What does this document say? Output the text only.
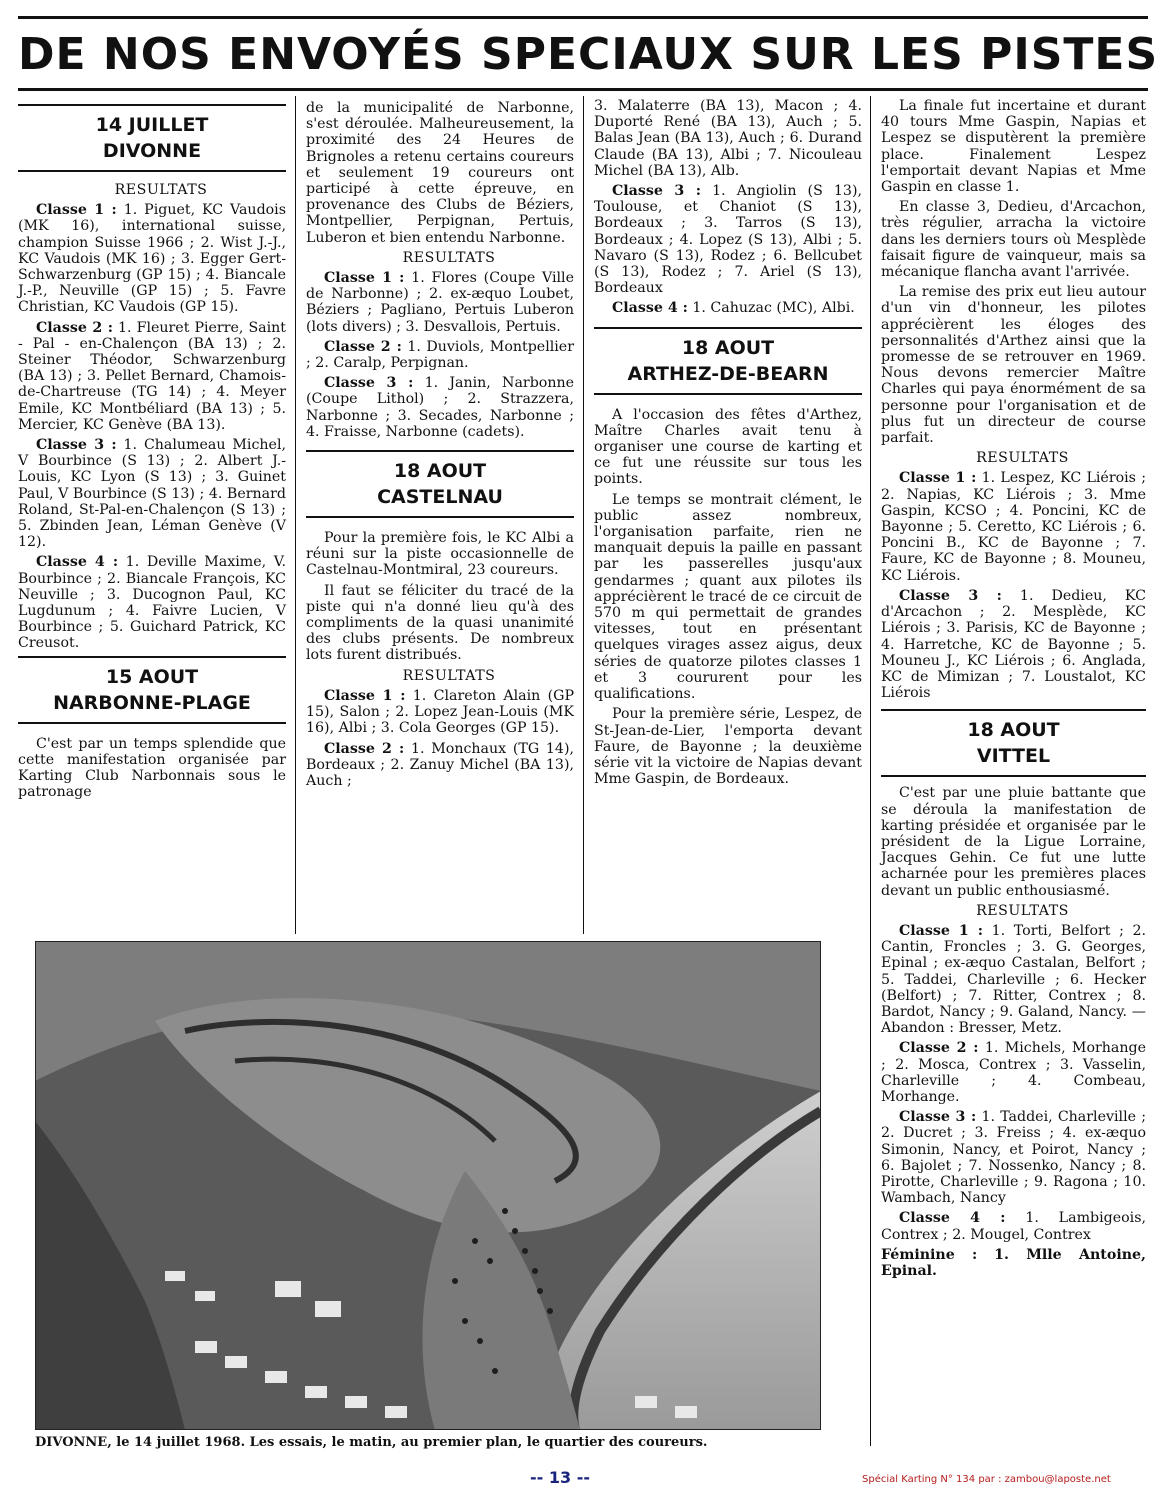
DE NOS ENVOYÉS SPECIAUX SUR LES PISTES
14 JUILLET
DIVONNE

RESULTATS

Classe 1 : 1. Piguet, KC Vaudois (MK 16), international suisse, champion Suisse 1966 ; 2. Wist J.-J., KC Vaudois (MK 16) ; 3. Egger Gert-Schwarzenburg (GP 15) ; 4. Biancale J.-P., Neuville (GP 15) ; 5. Favre Christian, KC Vaudois (GP 15).

Classe 2 : 1. Fleuret Pierre, Saint - Pal - en-Chalençon (BA 13) ; 2. Steiner Théodor, Schwarzenburg (BA 13) ; 3. Pellet Bernard, Chamois-de-Chartreuse (TG 14) ; 4. Meyer Emile, KC Montbéliard (BA 13) ; 5. Mercier, KC Genève (BA 13).

Classe 3 : 1. Chalumeau Michel, V Bourbince (S 13) ; 2. Albert J.-Louis, KC Lyon (S 13) ; 3. Guinet Paul, V Bourbince (S 13) ; 4. Bernard Roland, St-Pal-en-Chalençon (S 13) ; 5. Zbinden Jean, Léman Genève (V 12).

Classe 4 : 1. Deville Maxime, V. Bourbince ; 2. Biancale François, KC Neuville ; 3. Ducognon Paul, KC Lugdunum ; 4. Faivre Lucien, V Bourbince ; 5. Guichard Patrick, KC Creusot.

15 AOUT
NARBONNE-PLAGE

C'est par un temps splendide que cette manifestation organisée par Karting Club Narbonnais sous le patronage

de la municipalité de Narbonne, s'est déroulée. Malheureusement, la proximité des 24 Heures de Brignoles a retenu certains coureurs et seulement 19 coureurs ont participé à cette épreuve, en provenance des Clubs de Béziers, Montpellier, Perpignan, Pertuis, Luberon et bien entendu Narbonne.

RESULTATS

Classe 1 : 1. Flores (Coupe Ville de Narbonne) ; 2. ex-æquo Loubet, Béziers ; Pagliano, Pertuis Luberon (lots divers) ; 3. Desvallois, Pertuis.

Classe 2 : 1. Duviols, Montpellier ; 2. Caralp, Perpignan.

Classe 3 : 1. Janin, Narbonne (Coupe Lithol) ; 2. Strazzera, Narbonne ; 3. Secades, Narbonne ; 4. Fraisse, Narbonne (cadets).

18 AOUT
CASTELNAU

Pour la première fois, le KC Albi a réuni sur la piste occasionnelle de Castelnau-Montmiral, 23 coureurs.

Il faut se féliciter du tracé de la piste qui n'a donné lieu qu'à des compliments de la quasi unanimité des clubs présents. De nombreux lots furent distribués.

RESULTATS

Classe 1 : 1. Clareton Alain (GP 15), Salon ; 2. Lopez Jean-Louis (MK 16), Albi ; 3. Cola Georges (GP 15).

Classe 2 : 1. Monchaux (TG 14), Bordeaux ; 2. Zanuy Michel (BA 13), Auch ;

3. Malaterre (BA 13), Macon ; 4. Duporté René (BA 13), Auch ; 5. Balas Jean (BA 13), Auch ; 6. Durand Claude (BA 13), Albi ; 7. Nicouleau Michel (BA 13), Alb.

Classe 3 : 1. Angiolin (S 13), Toulouse, et Chaniot (S 13), Bordeaux ; 3. Tarros (S 13), Bordeaux ; 4. Lopez (S 13), Albi ; 5. Navaro (S 13), Rodez ; 6. Bellcubet (S 13), Rodez ; 7. Ariel (S 13), Bordeaux

Classe 4 : 1. Cahuzac (MC), Albi.

18 AOUT
ARTHEZ-DE-BEARN

A l'occasion des fêtes d'Arthez, Maître Charles avait tenu à organiser une course de karting et ce fut une réussite sur tous les points.

Le temps se montrait clément, le public assez nombreux, l'organisation parfaite, rien ne manquait depuis la paille en passant par les passerelles jusqu'aux gendarmes ; quant aux pilotes ils apprécièrent le tracé de ce circuit de 570 m qui permettait de grandes vitesses, tout en présentant quelques virages assez aigus, deux séries de quatorze pilotes classes 1 et 3 coururent pour les qualifications.

Pour la première série, Lespez, de St-Jean-de-Lier, l'emporta devant Faure, de Bayonne ; la deuxième série vit la victoire de Napias devant Mme Gaspin, de Bordeaux.

La finale fut incertaine et durant 40 tours Mme Gaspin, Napias et Lespez se disputèrent la première place. Finalement Lespez l'emportait devant Napias et Mme Gaspin en classe 1.

En classe 3, Dedieu, d'Arcachon, très régulier, arracha la victoire dans les derniers tours où Mesplède faisait figure de vainqueur, mais sa mécanique flancha avant l'arrivée.

La remise des prix eut lieu autour d'un vin d'honneur, les pilotes apprécièrent les éloges des personnalités d'Arthez ainsi que la promesse de se retrouver en 1969. Nous devons remercier Maître Charles qui paya énormément de sa personne pour l'organisation et de plus fut un directeur de course parfait.

RESULTATS

Classe 1 : 1. Lespez, KC Liérois ; 2. Napias, KC Liérois ; 3. Mme Gaspin, KCSO ; 4. Poncini, KC de Bayonne ; 5. Ceretto, KC Liérois ; 6. Poncini B., KC de Bayonne ; 7. Faure, KC de Bayonne ; 8. Mouneu, KC Liérois.

Classe 3 : 1. Dedieu, KC d'Arcachon ; 2. Mesplède, KC Liérois ; 3. Parisis, KC de Bayonne ; 4. Harretche, KC de Bayonne ; 5. Mouneu J., KC Liérois ; 6. Anglada, KC de Mimizan ; 7. Loustalot, KC Liérois

18 AOUT
VITTEL

C'est par une pluie battante que se déroula la manifestation de karting présidée et organisée par le président de la Ligue Lorraine, Jacques Gehin. Ce fut une lutte acharnée pour les premières places devant un public enthousiasmé.

RESULTATS

Classe 1 : 1. Torti, Belfort ; 2. Cantin, Froncles ; 3. G. Georges, Epinal ; ex-æquo Castalan, Belfort ; 5. Taddei, Charleville ; 6. Hecker (Belfort) ; 7. Ritter, Contrex ; 8. Bardot, Nancy ; 9. Galand, Nancy. — Abandon : Bresser, Metz.

Classe 2 : 1. Michels, Morhange ; 2. Mosca, Contrex ; 3. Vasselin, Charleville ; 4. Combeau, Morhange.

Classe 3 : 1. Taddei, Charleville ; 2. Ducret ; 3. Freiss ; 4. ex-æquo Simonin, Nancy, et Poirot, Nancy ; 6. Bajolet ; 7. Nossenko, Nancy ; 8. Pirotte, Charleville ; 9. Ragona ; 10. Wambach, Nancy

Classe 4 : 1. Lambigeois, Contrex ; 2. Mougel, Contrex

Féminine : 1. Mlle Antoine, Epinal.

DIVONNE, le 14 juillet 1968. Les essais, le matin, au premier plan, le quartier des coureurs.
-- 13 --	Spécial Karting N° 134 par : zambou@laposte.net
